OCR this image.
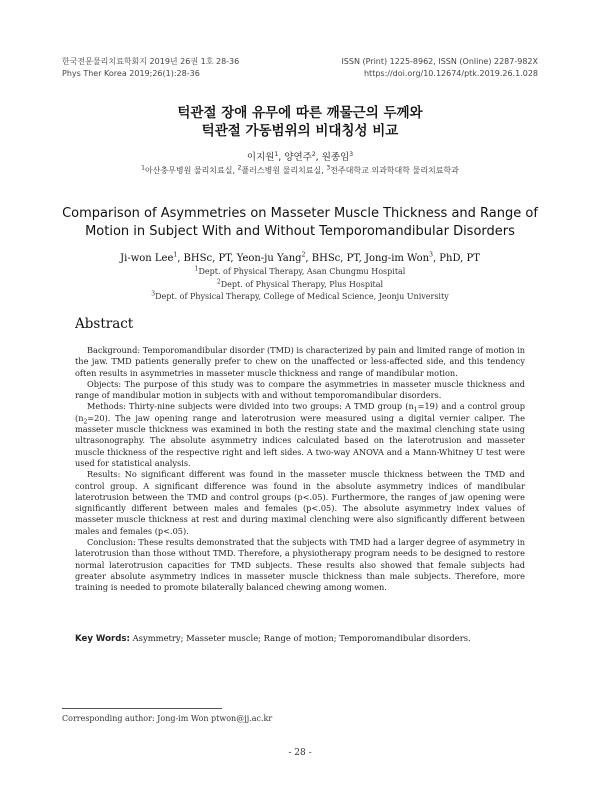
한국전문물리치료학회지 2019년 26권 1호 28-36	ISSN (Print) 1225-8962, ISSN (Online) 2287-982X
Phys Ther Korea 2019;26(1):28-36	https://doi.org/10.12674/ptk.2019.26.1.028
턱관절 장애 유무에 따른 깨물근의 두께와
턱관절 가동범위의 비대칭성 비교
이지원$^1$, 양연주$^2$, 원종임$^3$
$^1$아산충무병원 물리치료실, $^2$플러스병원 물리치료실, $^3$전주대학교 의과학대학 물리치료학과
Comparison of Asymmetries on Masseter Muscle Thickness and Range of
Motion in Subject With and Without Temporomandibular Disorders
Ji-won Lee$^1$, BHSc, PT, Yeon-ju Yang$^2$, BHSc, PT, Jong-im Won$^3$, PhD, PT
$^1$Dept. of Physical Therapy, Asan Chungmu Hospital
$^2$Dept. of Physical Therapy, Plus Hospital
$^3$Dept. of Physical Therapy, College of Medical Science, Jeonju University
Abstract

Background: Temporomandibular disorder (TMD) is characterized by pain and limited range of motion in the jaw. TMD patients generally prefer to chew on the unaffected or less-affected side, and this tendency often results in asymmetries in masseter muscle thickness and range of mandibular motion.

Objects: The purpose of this study was to compare the asymmetries in masseter muscle thickness and range of mandibular motion in subjects with and without temporomandibular disorders.

Methods: Thirty-nine subjects were divided into two groups: A TMD group $(n_1=19)$ and a control group $(n_2=20)$. The jaw opening range and laterotrusion were measured using a digital vernier caliper. The masseter muscle thickness was examined in both the resting state and the maximal clenching state using ultrasonography. The absolute asymmetry indices calculated based on the laterotrusion and masseter muscle thickness of the respective right and left sides. A two-way ANOVA and a Mann-Whitney U test were used for statistical analysis.

Results: No significant different was found in the masseter muscle thickness between the TMD and control group. A significant difference was found in the absolute asymmetry indices of mandibular laterotrusion between the TMD and control groups (p<.05). Furthermore, the ranges of jaw opening were significantly different between males and females (p<.05). The absolute asymmetry index values of masseter muscle thickness at rest and during maximal clenching were also significantly different between males and females (p<.05).

Conclusion: These results demonstrated that the subjects with TMD had a larger degree of asymmetry in laterotrusion than those without TMD. Therefore, a physiotherapy program needs to be designed to restore normal laterotrusion capacities for TMD subjects. These results also showed that female subjects had greater absolute asymmetry indices in masseter muscle thickness than male subjects. Therefore, more training is needed to promote bilaterally balanced chewing among women.

Key Words: Asymmetry; Masseter muscle; Range of motion; Temporomandibular disorders.
Corresponding author: Jong-im Won ptwon@jj.ac.kr
- 28 -
